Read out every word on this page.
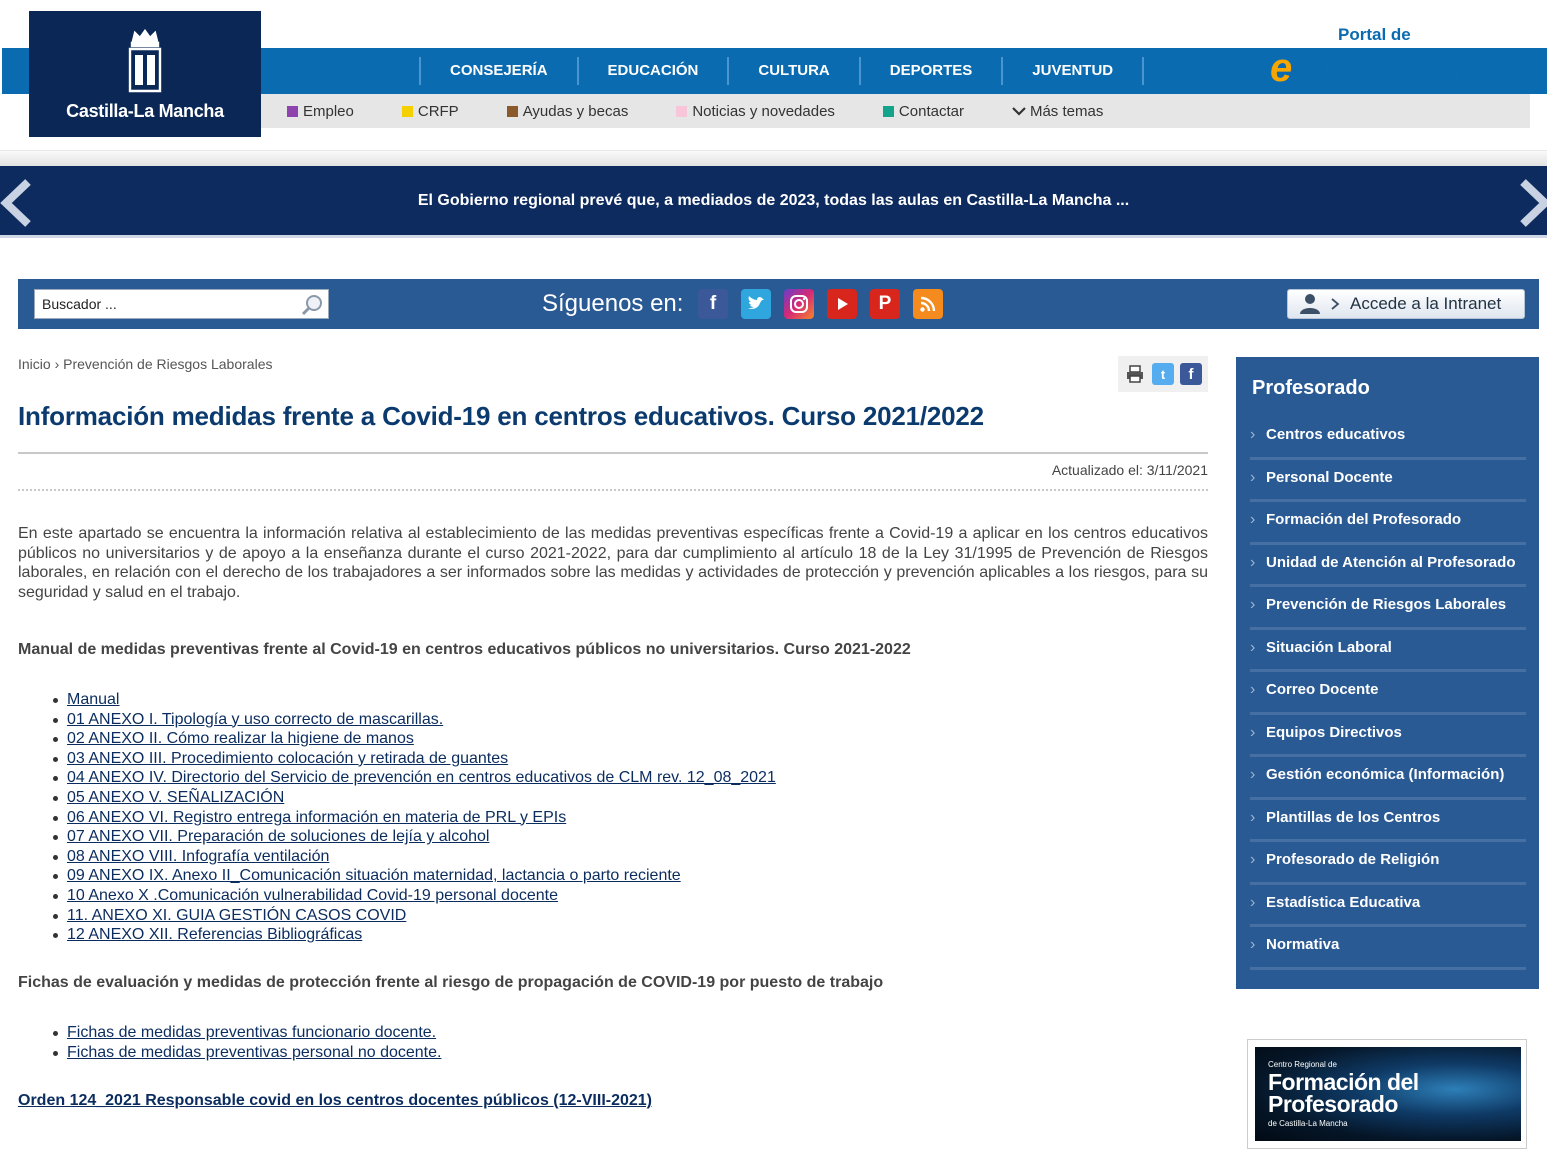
Castilla-La Mancha
CONSEJERÍA	EDUCACIÓN	CULTURA	DEPORTES	JUVENTUD
Portal de
educación
Empleo	CRFP	Ayudas y becas	Noticias y novedades	Contactar	Más temas
El Gobierno regional prevé que, a mediados de 2023, todas las aulas en Castilla-La Mancha ...
Buscador ...
Síguenos en:	f	P	Accede a la Intranet
Inicio › Prevención de Riesgos Laborales
t	f
Información medidas frente a Covid-19 en centros educativos. Curso 2021/2022
Actualizado el: 3/11/2021

En este apartado se encuentra la información relativa al establecimiento de las medidas preventivas específicas frente a Covid-19 a aplicar en los centros educativos públicos no universitarios y de apoyo a la enseñanza durante el curso 2021-2022, para dar cumplimiento al artículo 18 de la Ley 31/1995 de Prevención de Riesgos laborales, en relación con el derecho de los trabajadores a ser informados sobre las medidas y actividades de protección y prevención aplicables a los riesgos, para su seguridad y salud en el trabajo.

Manual de medidas preventivas frente al Covid-19 en centros educativos públicos no universitarios. Curso 2021-2022
Manual
01 ANEXO I. Tipología y uso correcto de mascarillas.
02 ANEXO II. Cómo realizar la higiene de manos
03 ANEXO III. Procedimiento colocación y retirada de guantes
04 ANEXO IV. Directorio del Servicio de prevención en centros educativos de CLM rev. 12_08_2021
05 ANEXO V. SEÑALIZACIÓN
06 ANEXO VI. Registro entrega información en materia de PRL y EPIs
07 ANEXO VII. Preparación de soluciones de lejía y alcohol
08 ANEXO VIII. Infografía ventilación
09 ANEXO IX. Anexo II_Comunicación situación maternidad, lactancia o parto reciente
10 Anexo X .Comunicación vulnerabilidad Covid-19 personal docente
11. ANEXO XI. GUIA GESTIÓN CASOS COVID
12 ANEXO XII. Referencias Bibliográficas
Fichas de evaluación y medidas de protección frente al riesgo de propagación de COVID-19 por puesto de trabajo
Fichas de medidas preventivas funcionario docente.
Fichas de medidas preventivas personal no docente.
Orden 124_2021 Responsable covid en los centros docentes públicos (12-VIII-2021)
Profesorado
› Centros educativos
› Personal Docente
› Formación del Profesorado
› Unidad de Atención al Profesorado
› Prevención de Riesgos Laborales
› Situación Laboral
› Correo Docente
› Equipos Directivos
› Gestión económica (Información)
› Plantillas de los Centros
› Profesorado de Religión
› Estadística Educativa
› Normativa
Centro Regional de
Formación del
Profesorado
de Castilla-La Mancha
